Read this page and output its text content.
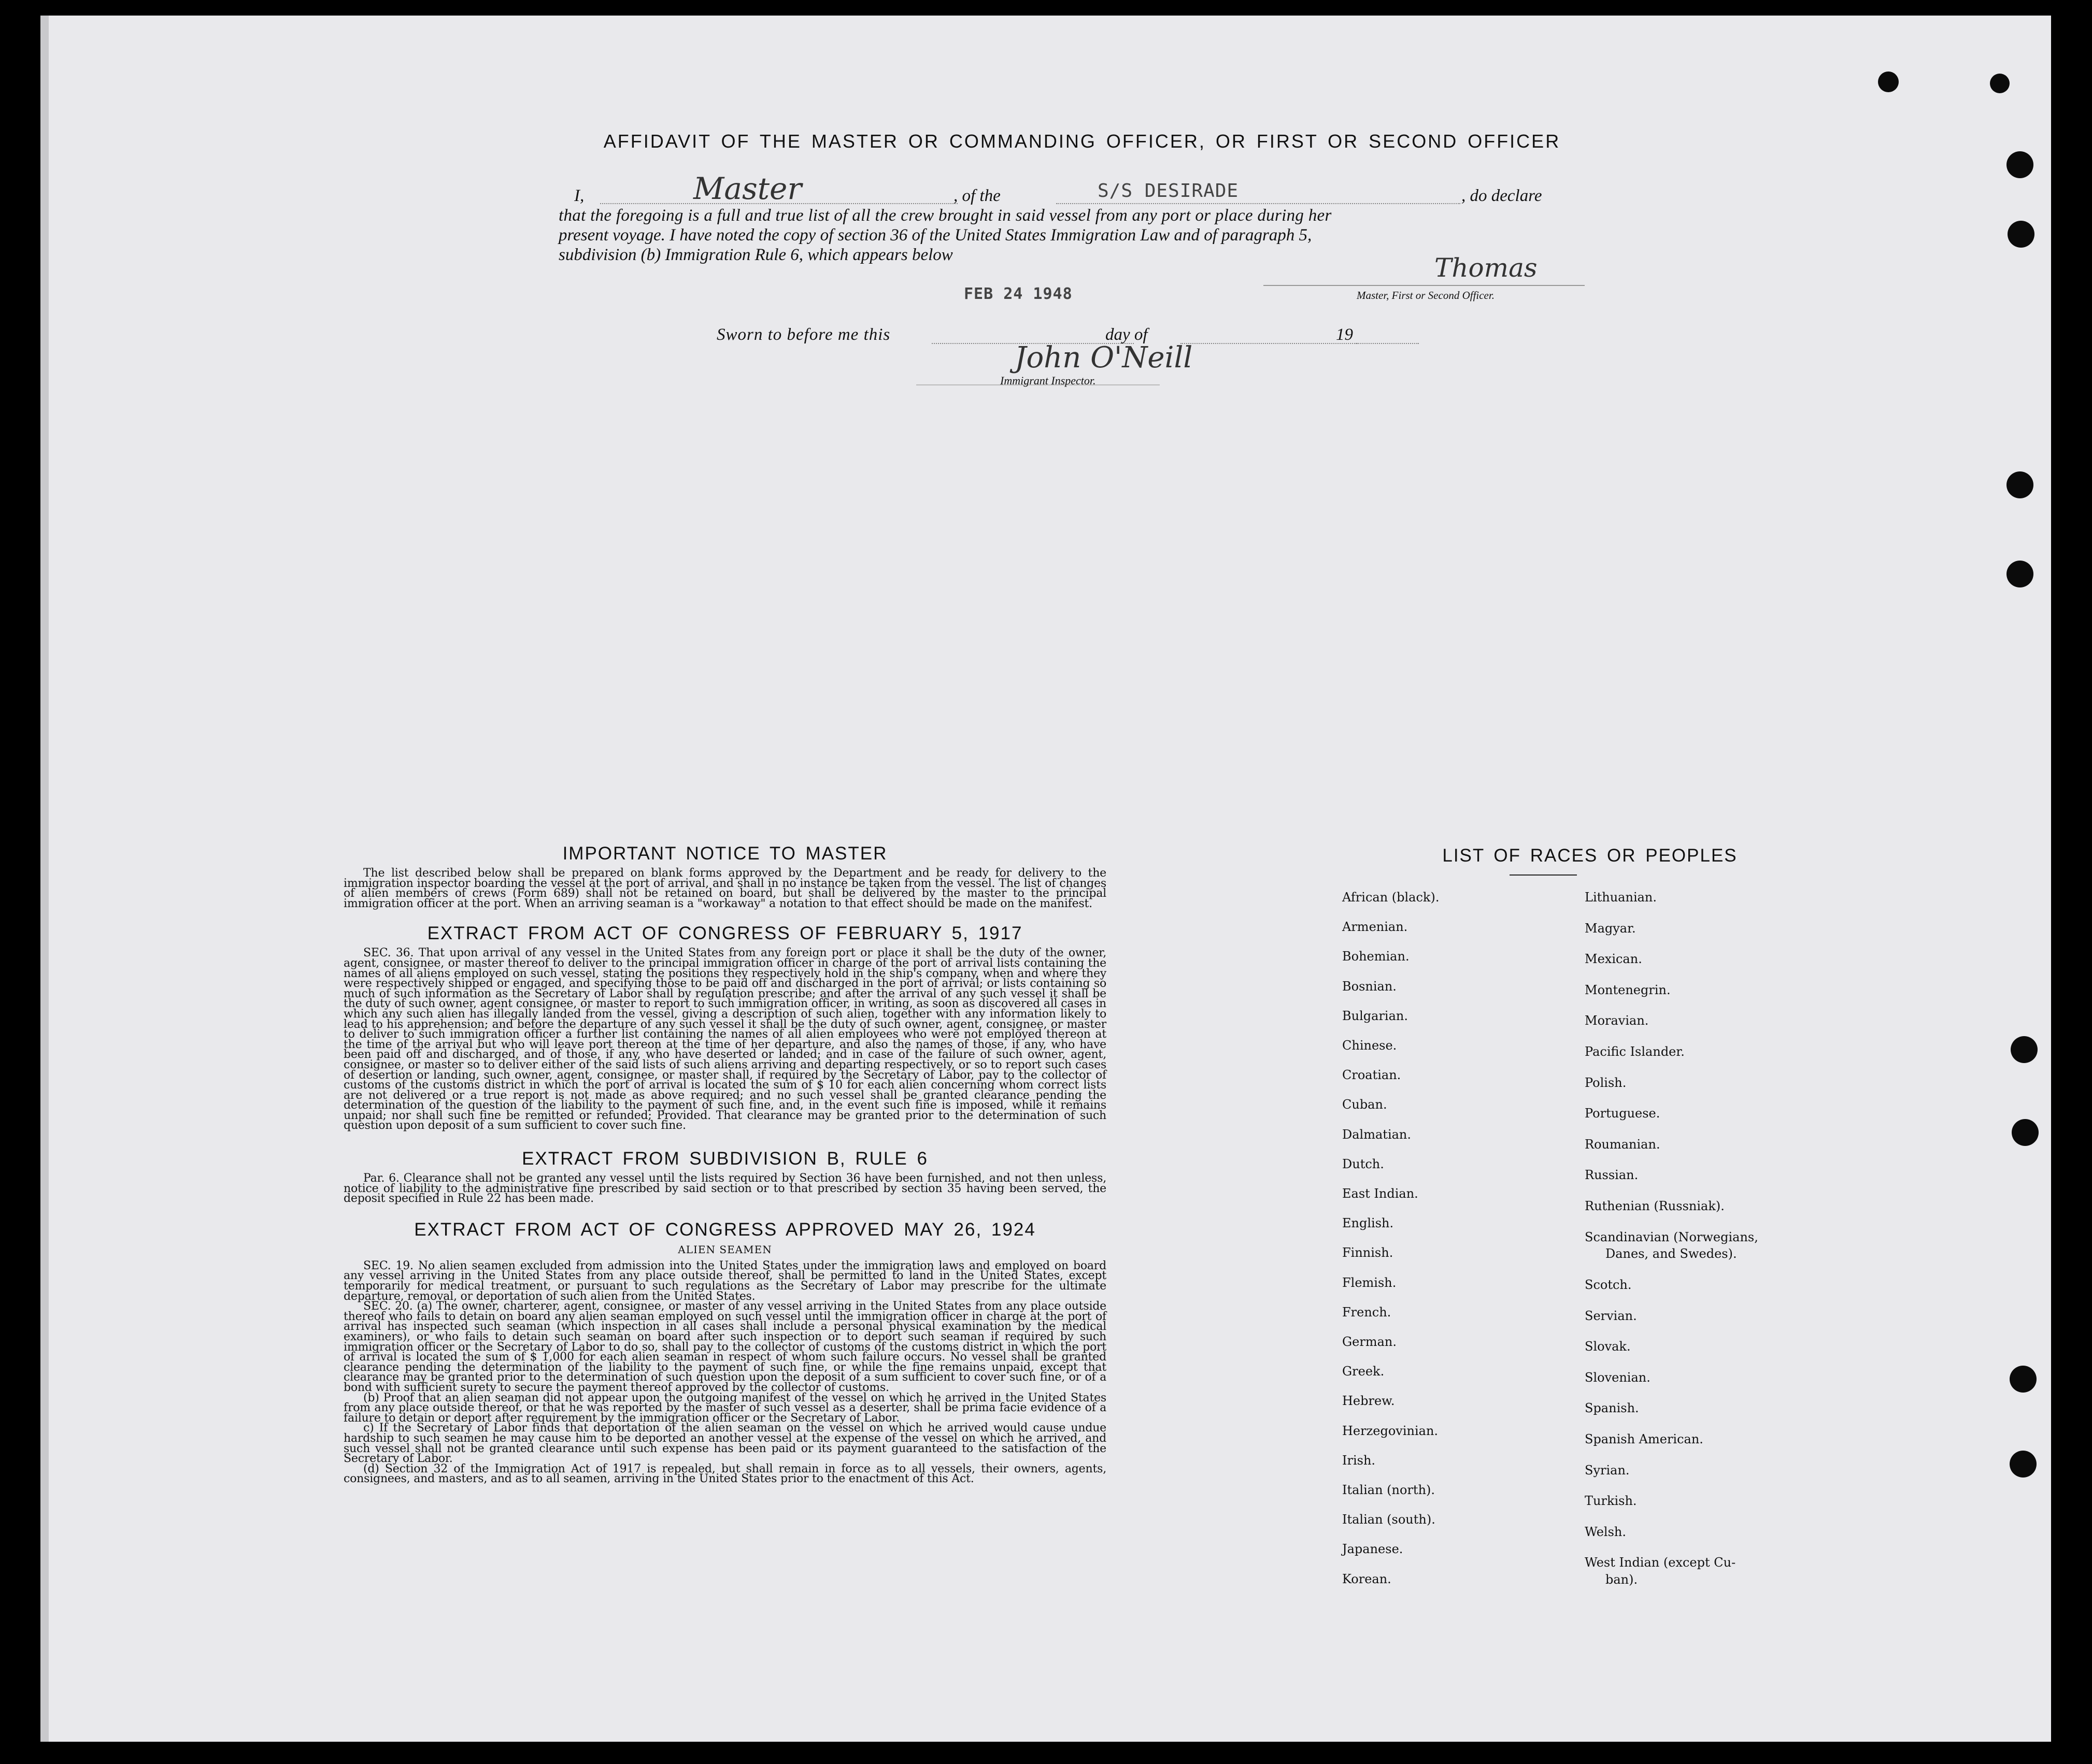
AFFIDAVIT OF THE MASTER OR COMMANDING OFFICER, OR FIRST OR SECOND OFFICER
I,	Master	, of the	S/S DESIRADE	, do declare
that the foregoing is a full and true list of all the crew brought in said vessel from any port or place during her
present voyage. I have noted the copy of section 36 of the United States Immigration Law and of paragraph 5,
subdivision (b) Immigration Rule 6, which appears below
FEB 24 1948
Thomas
Master, First or Second Officer.
Sworn to before me this	day of	19
John O'Neill
Immigrant Inspector.
IMPORTANT NOTICE TO MASTER

The list described below shall be prepared on blank forms approved by the Department and be ready for delivery to the immigration inspector boarding the vessel at the port of arrival, and shall in no instance be taken from the vessel. The list of changes of alien members of crews (Form 689) shall not be retained on board, but shall be delivered by the master to the principal immigration officer at the port. When an arriving seaman is a "workaway" a notation to that effect should be made on the manifest.

EXTRACT FROM ACT OF CONGRESS OF FEBRUARY 5, 1917

SEC. 36. That upon arrival of any vessel in the United States from any foreign port or place it shall be the duty of the owner, agent, consignee, or master thereof to deliver to the principal immigration officer in charge of the port of arrival lists containing the names of all aliens employed on such vessel, stating the positions they respectively hold in the ship's company, when and where they were respectively shipped or engaged, and specifying those to be paid off and discharged in the port of arrival; or lists containing so much of such information as the Secretary of Labor shall by regulation prescribe; and after the arrival of any such vessel it shall be the duty of such owner, agent consignee, or master to report to such immigration officer, in writing, as soon as discovered all cases in which any such alien has illegally landed from the vessel, giving a description of such alien, together with any information likely to lead to his apprehension; and before the departure of any such vessel it shall be the duty of such owner, agent, consignee, or master to deliver to such immigration officer a further list containing the names of all alien employees who were not employed thereon at the time of the arrival but who will leave port thereon at the time of her departure, and also the names of those, if any, who have been paid off and discharged, and of those, if any, who have deserted or landed; and in case of the failure of such owner, agent, consignee, or master so to deliver either of the said lists of such aliens arriving and departing respectively, or so to report such cases of desertion or landing, such owner, agent, consignee, or master shall, if required by the Secretary of Labor, pay to the collector of customs of the customs district in which the port of arrival is located the sum of $ 10 for each alien concerning whom correct lists are not delivered or a true report is not made as above required; and no such vessel shall be granted clearance pending the determination of the question of the liability to the payment of such fine, and, in the event such fine is imposed, while it remains unpaid; nor shall such fine be remitted or refunded; Provided. That clearance may be granted prior to the determination of such question upon deposit of a sum sufficient to cover such fine.

EXTRACT FROM SUBDIVISION B, RULE 6

Par. 6. Clearance shall not be granted any vessel until the lists required by Section 36 have been furnished, and not then unless, notice of liability to the administrative fine prescribed by said section or to that prescribed by section 35 having been served, the deposit specified in Rule 22 has been made.

EXTRACT FROM ACT OF CONGRESS APPROVED MAY 26, 1924
ALIEN SEAMEN

SEC. 19. No alien seamen excluded from admission into the United States under the immigration laws and employed on board any vessel arriving in the United States from any place outside thereof, shall be permitted to land in the United States, except temporarily for medical treatment, or pursuant to such regulations as the Secretary of Labor may prescribe for the ultimate departure, removal, or deportation of such alien from the United States.

SEC. 20. (a) The owner, charterer, agent, consignee, or master of any vessel arriving in the United States from any place outside thereof who fails to detain on board any alien seaman employed on such vessel until the immigration officer in charge at the port of arrival has inspected such seaman (which inspection in all cases shall include a personal physical examination by the medical examiners), or who fails to detain such seaman on board after such inspection or to deport such seaman if required by such immigration officer or the Secretary of Labor to do so, shall pay to the collector of customs of the customs district in which the port of arrival is located the sum of $ 1,000 for each alien seaman in respect of whom such failure occurs. No vessel shall be granted clearance pending the determination of the liability to the payment of such fine, or while the fine remains unpaid, except that clearance may be granted prior to the determination of such question upon the deposit of a sum sufficient to cover such fine, or of a bond with sufficient surety to secure the payment thereof approved by the collector of customs.

(b) Proof that an alien seaman did not appear upon the outgoing manifest of the vessel on which he arrived in the United States from any place outside thereof, or that he was reported by the master of such vessel as a deserter, shall be prima facie evidence of a failure to detain or deport after requirement by the immigration officer or the Secretary of Labor.

c) If the Secretary of Labor finds that deportation of the alien seaman on the vessel on which he arrived would cause undue hardship to such seamen he may cause him to be deported an another vessel at the expense of the vessel on which he arrived, and such vessel shall not be granted clearance until such expense has been paid or its payment guaranteed to the satisfaction of the Secretary of Labor.

(d) Section 32 of the Immigration Act of 1917 is repealed, but shall remain in force as to all vessels, their owners, agents, consignees, and masters, and as to all seamen, arriving in the United States prior to the enactment of this Act.

LIST OF RACES OR PEOPLES
African (black).
Armenian.
Bohemian.
Bosnian.
Bulgarian.
Chinese.
Croatian.
Cuban.
Dalmatian.
Dutch.
East Indian.
English.
Finnish.
Flemish.
French.
German.
Greek.
Hebrew.
Herzegovinian.
Irish.
Italian (north).
Italian (south).
Japanese.
Korean.
Lithuanian.
Magyar.
Mexican.
Montenegrin.
Moravian.
Pacific Islander.
Polish.
Portuguese.
Roumanian.
Russian.
Ruthenian (Russniak).
Scandinavian (Norwegians,
Danes, and Swedes).
Scotch.
Servian.
Slovak.
Slovenian.
Spanish.
Spanish American.
Syrian.
Turkish.
Welsh.
West Indian (except Cu-
ban).
